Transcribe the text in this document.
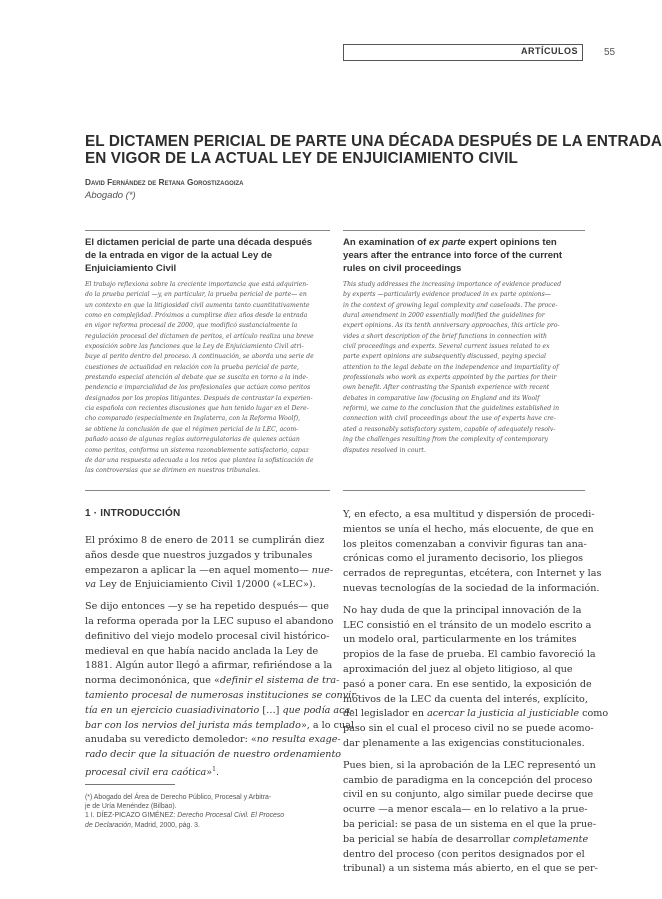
ARTÍCULOS	55
EL DICTAMEN PERICIAL DE PARTE UNA DÉCADA DESPUÉS DE LA ENTRADA
EN VIGOR DE LA ACTUAL LEY DE ENJUICIAMIENTO CIVIL
David Fernández de Retana Gorostizagoiza
Abogado (*)
El dictamen pericial de parte una década después
de la entrada en vigor de la actual Ley de
Enjuiciamiento Civil
An examination of ex parte expert opinions ten
years after the entrance into force of the current
rules on civil proceedings
El trabajo reflexiona sobre la creciente importancia que está adquirien-
do la prueba pericial —y, en particular, la prueba pericial de parte— en
un contexto en que la litigiosidad civil aumenta tanto cuantitativamente
como en complejidad. Próximos a cumplirse diez años desde la entrada
en vigor reforma procesal de 2000, que modificó sustancialmente la
regulación procesal del dictamen de peritos, el artículo realiza una breve
exposición sobre las funciones que la Ley de Enjuiciamiento Civil atri-
buye al perito dentro del proceso. A continuación, se aborda una serie de
cuestiones de actualidad en relación con la prueba pericial de parte,
prestando especial atención al debate que se suscita en torno a la inde-
pendencia e imparcialidad de los profesionales que actúan como peritos
designados por los propios litigantes. Después de contrastar la experien-
cia española con recientes discusiones que han tenido lugar en el Dere-
cho comparado (especialmente en Inglaterra, con la Reforma Woolf),
se obtiene la conclusión de que el régimen pericial de la LEC, acom-
pañado acaso de algunas reglas autorregulatorias de quienes actúan
como peritos, conforma un sistema razonablemente satisfactorio, capaz
de dar una respuesta adecuada a los retos que plantea la sofisticación de
las controversias que se dirimen en nuestros tribunales.
This study addresses the increasing importance of evidence produced
by experts —particularly evidence produced in ex parte opinions—
in the context of growing legal complexity and caseloads. The proce-
dural amendment in 2000 essentially modified the guidelines for
expert opinions. As its tenth anniversary approaches, this article pro-
vides a short description of the brief functions in connection with
civil proceedings and experts. Several current issues related to ex
parte expert opinions are subsequently discussed, paying special
attention to the legal debate on the independence and impartiality of
professionals who work as experts appointed by the parties for their
own benefit. After contrasting the Spanish experience with recent
debates in comparative law (focusing on England and its Woolf
reform), we came to the conclusion that the guidelines established in
connection with civil proceedings about the use of experts have cre-
ated a reasonably satisfactory system, capable of adequately resolv-
ing the challenges resulting from the complexity of contemporary
disputes resolved in court.
1 · INTRODUCCIÓN
El próximo 8 de enero de 2011 se cumplirán diez
años desde que nuestros juzgados y tribunales
empezaron a aplicar la —en aquel momento— nue-
va Ley de Enjuiciamiento Civil 1/2000 («LEC»).
Se dijo entonces —y se ha repetido después— que
la reforma operada por la LEC supuso el abandono
definitivo del viejo modelo procesal civil histórico-
medieval en que había nacido anclada la Ley de
1881. Algún autor llegó a afirmar, refiriéndose a la
norma decimonónica, que «definir el sistema de tra-
tamiento procesal de numerosas instituciones se convir-
tía en un ejercicio cuasiadivinatorio […] que podía aca-
bar con los nervios del jurista más templado», a lo cual
anudaba su veredicto demoledor: «no resulta exage-
rado decir que la situación de nuestro ordenamiento
procesal civil era caótica»$^1$.
Y, en efecto, a esa multitud y dispersión de procedi-
mientos se unía el hecho, más elocuente, de que en
los pleitos comenzaban a convivir figuras tan ana-
crónicas como el juramento decisorio, los pliegos
cerrados de repreguntas, etcétera, con Internet y las
nuevas tecnologías de la sociedad de la información.
No hay duda de que la principal innovación de la
LEC consistió en el tránsito de un modelo escrito a
un modelo oral, particularmente en los trámites
propios de la fase de prueba. El cambio favoreció la
aproximación del juez al objeto litigioso, al que
pasó a poner cara. En ese sentido, la exposición de
motivos de la LEC da cuenta del interés, explícito,
del legislador en acercar la justicia al justiciable como
paso sin el cual el proceso civil no se puede acomo-
dar plenamente a las exigencias constitucionales.
Pues bien, si la aprobación de la LEC representó un
cambio de paradigma en la concepción del proceso
civil en su conjunto, algo similar puede decirse que
ocurre —a menor escala— en lo relativo a la prue-
ba pericial: se pasa de un sistema en el que la prue-
ba pericial se había de desarrollar completamente
dentro del proceso (con peritos designados por el
tribunal) a un sistema más abierto, en el que se per-
(*) Abogado del Área de Derecho Público, Procesal y Arbitra-
je de Uría Menéndez (Bilbao).
1 I. DÍEZ-PICAZO GIMÉNEZ: Derecho Procesal Civil. El Proceso
de Declaración, Madrid, 2000, pág. 3.
